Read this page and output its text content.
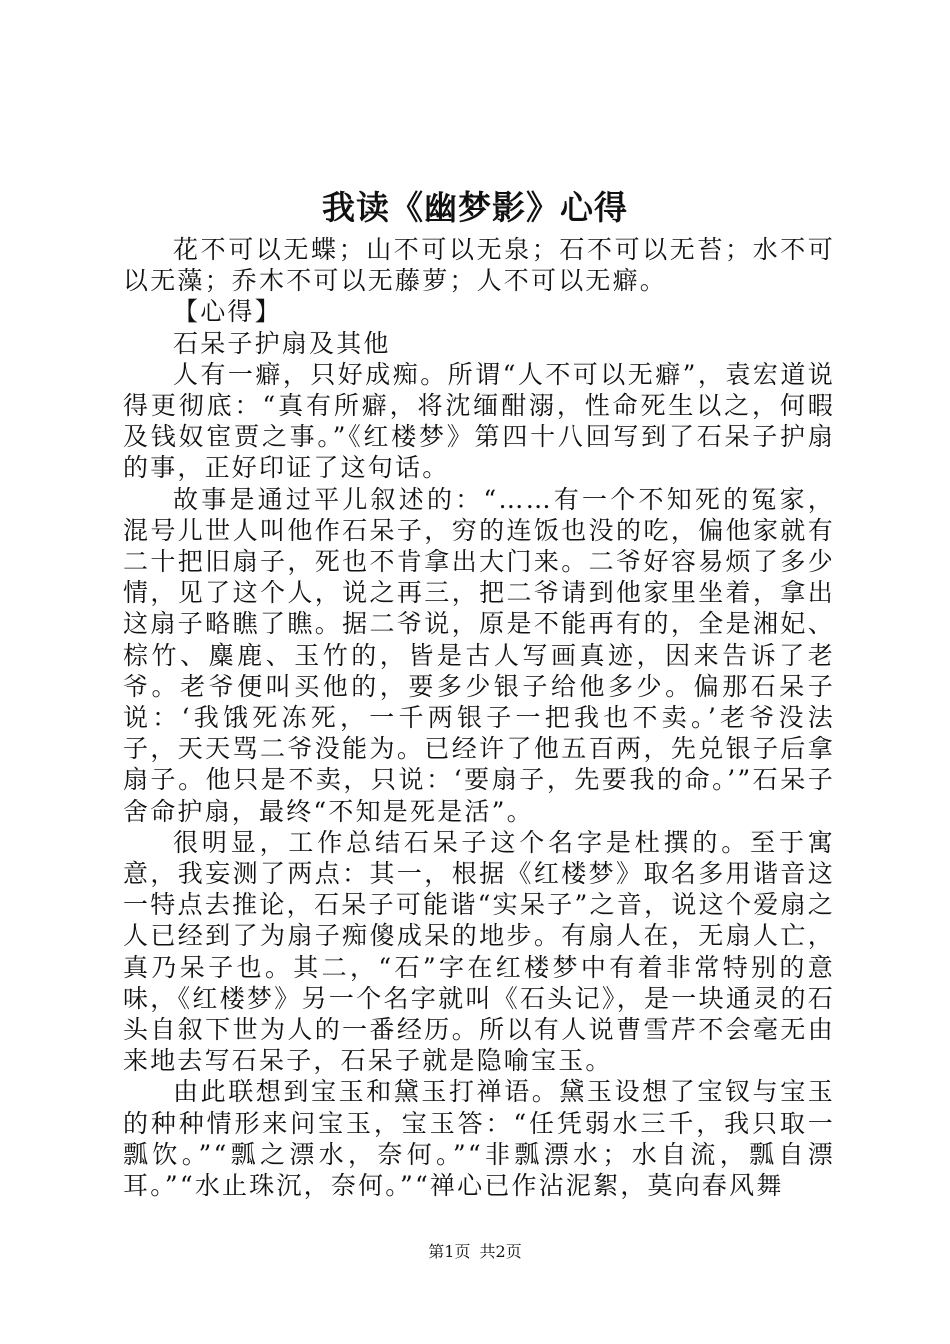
我读《幽梦影》心得

花不可以无蝶；山不可以无泉；石不可以无苔；水不可以无藻；乔木不可以无藤萝；人不可以无癖。

【心得】

石呆子护扇及其他

人有一癖，只好成痴。所谓“人不可以无癖”，袁宏道说得更彻底：“真有所癖，将沈缅酣溺，性命死生以之，何暇及钱奴宦贾之事。”《红楼梦》第四十八回写到了石呆子护扇的事，正好印证了这句话。

故事是通过平儿叙述的：“……有一个不知死的冤家，混号儿世人叫他作石呆子，穷的连饭也没的吃，偏他家就有二十把旧扇子，死也不肯拿出大门来。二爷好容易烦了多少情，见了这个人，说之再三，把二爷请到他家里坐着，拿出这扇子略瞧了瞧。据二爷说，原是不能再有的，全是湘妃、棕竹、麋鹿、玉竹的，皆是古人写画真迹，因来告诉了老爷。老爷便叫买他的，要多少银子给他多少。偏那石呆子说：‘我饿死冻死，一千两银子一把我也不卖。’老爷没法子，天天骂二爷没能为。已经许了他五百两，先兑银子后拿扇子。他只是不卖，只说：‘要扇子，先要我的命。’”石呆子舍命护扇，最终“不知是死是活”。

很明显，工作总结石呆子这个名字是杜撰的。至于寓意，我妄测了两点：其一，根据《红楼梦》取名多用谐音这一特点去推论，石呆子可能谐“实呆子”之音，说这个爱扇之人已经到了为扇子痴傻成呆的地步。有扇人在，无扇人亡，真乃呆子也。其二，“石”字在红楼梦中有着非常特别的意味，《红楼梦》另一个名字就叫《石头记》，是一块通灵的石头自叙下世为人的一番经历。所以有人说曹雪芹不会毫无由来地去写石呆子，石呆子就是隐喻宝玉。

由此联想到宝玉和黛玉打禅语。黛玉设想了宝钗与宝玉的种种情形来问宝玉，宝玉答：“任凭弱水三千，我只取一瓢饮。”“瓢之漂水，奈何。”“非瓢漂水；水自流，瓢自漂耳。”“水止珠沉，奈何。”“禅心已作沾泥絮，莫向春风舞

第1页 共2页
